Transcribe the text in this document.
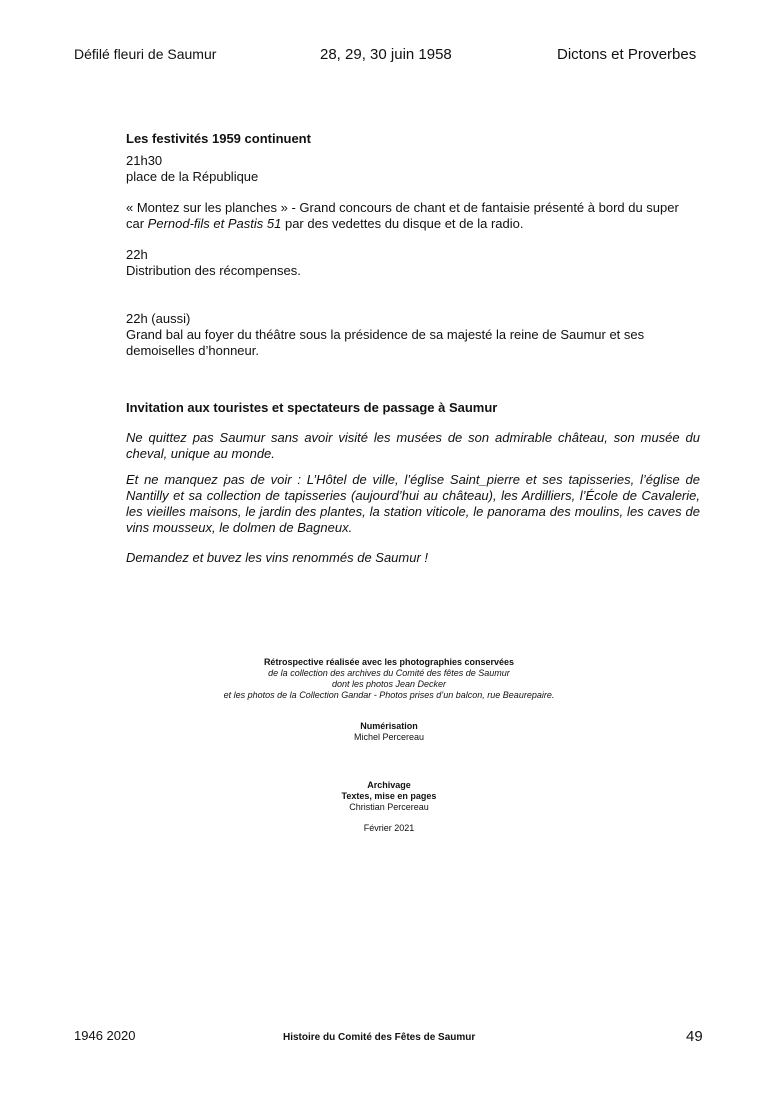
Défilé fleuri de Saumur	28, 29, 30 juin 1958	Dictons et Proverbes
Les festivités 1959 continuent
21h30
place de la République
« Montez sur les planches » - Grand concours de chant et de fantaisie présenté à bord du super car Pernod-fils et Pastis 51 par des vedettes du disque et de la radio.
22h
Distribution des récompenses.
22h (aussi)
Grand bal au foyer du théâtre sous la présidence de sa majesté la reine de Saumur et ses demoiselles d’honneur.
Invitation aux touristes et spectateurs de passage à Saumur
Ne quittez pas Saumur sans avoir visité les musées de son admirable château, son musée du cheval, unique au monde.
Et ne manquez pas de voir : L’Hôtel de ville, l’église Saint_pierre et ses tapisseries, l’église de Nantilly et sa collection de tapisseries (aujourd’hui au château), les Ardilliers, l’École de Cavalerie, les vieilles maisons, le jardin des plantes, la station viticole, le panorama des moulins, les caves de vins mousseux, le dolmen de Bagneux.
Demandez et buvez les vins renommés de Saumur !
Rétrospective réalisée avec les photographies conservées
de la collection des archives du Comité des fêtes de Saumur
dont les photos Jean Decker
et les photos de la Collection Gandar - Photos prises d’un balcon, rue Beaurepaire.
Numérisation
Michel Percereau
Archivage
Textes, mise en pages
Christian Percereau
Février 2021
1946 2020	Histoire du Comité des Fêtes de Saumur	49
